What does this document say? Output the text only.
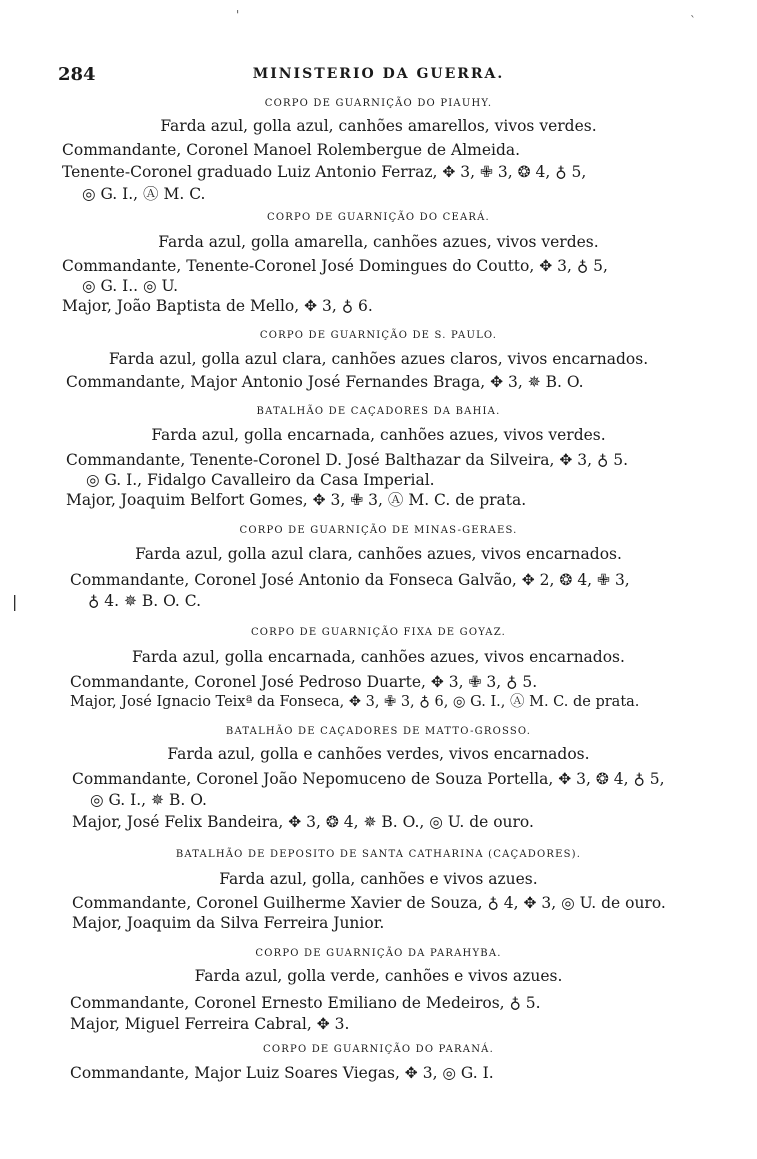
'	`
|
284	MINISTERIO DA GUERRA.
CORPO DE GUARNIÇÃO DO PIAUHY.
Farda azul, golla azul, canhões amarellos, vivos verdes.
Commandante, Coronel Manoel Rolembergue de Almeida.
Tenente-Coronel graduado Luiz Antonio Ferraz, ✥ 3, ✙ 3, ❂ 4, ♁ 5,
◎ G. I., Ⓐ M. C.
CORPO DE GUARNIÇÃO DO CEARÁ.
Farda azul, golla amarella, canhões azues, vivos verdes.
Commandante, Tenente-Coronel José Domingues do Coutto, ✥ 3, ♁ 5,
◎ G. I.. ◎ U.
Major, João Baptista de Mello, ✥ 3, ♁ 6.
CORPO DE GUARNIÇÃO DE S. PAULO.
Farda azul, golla azul clara, canhões azues claros, vivos encarnados.
Commandante, Major Antonio José Fernandes Braga, ✥ 3, ✵ B. O.
BATALHÃO DE CAÇADORES DA BAHIA.
Farda azul, golla encarnada, canhões azues, vivos verdes.
Commandante, Tenente-Coronel D. José Balthazar da Silveira, ✥ 3, ♁ 5.
◎ G. I., Fidalgo Cavalleiro da Casa Imperial.
Major, Joaquim Belfort Gomes, ✥ 3, ✙ 3, Ⓐ M. C. de prata.
CORPO DE GUARNIÇÃO DE MINAS-GERAES.
Farda azul, golla azul clara, canhões azues, vivos encarnados.
Commandante, Coronel José Antonio da Fonseca Galvão, ✥ 2, ❂ 4, ✙ 3,
♁ 4. ✵ B. O. C.
CORPO DE GUARNIÇÃO FIXA DE GOYAZ.
Farda azul, golla encarnada, canhões azues, vivos encarnados.
Commandante, Coronel José Pedroso Duarte, ✥ 3, ✙ 3, ♁ 5.
Major, José Ignacio Teixª da Fonseca, ✥ 3, ✙ 3, ♁ 6, ◎ G. I., Ⓐ M. C. de prata.
BATALHÃO DE CAÇADORES DE MATTO-GROSSO.
Farda azul, golla e canhões verdes, vivos encarnados.
Commandante, Coronel João Nepomuceno de Souza Portella, ✥ 3, ❂ 4, ♁ 5,
◎ G. I., ✵ B. O.
Major, José Felix Bandeira, ✥ 3, ❂ 4, ✵ B. O., ◎ U. de ouro.
BATALHÃO DE DEPOSITO DE SANTA CATHARINA (CAÇADORES).
Farda azul, golla, canhões e vivos azues.
Commandante, Coronel Guilherme Xavier de Souza, ♁ 4, ✥ 3, ◎ U. de ouro.
Major, Joaquim da Silva Ferreira Junior.
CORPO DE GUARNIÇÃO DA PARAHYBA.
Farda azul, golla verde, canhões e vivos azues.
Commandante, Coronel Ernesto Emiliano de Medeiros, ♁ 5.
Major, Miguel Ferreira Cabral, ✥ 3.
CORPO DE GUARNIÇÃO DO PARANÁ.
Commandante, Major Luiz Soares Viegas, ✥ 3, ◎ G. I.
